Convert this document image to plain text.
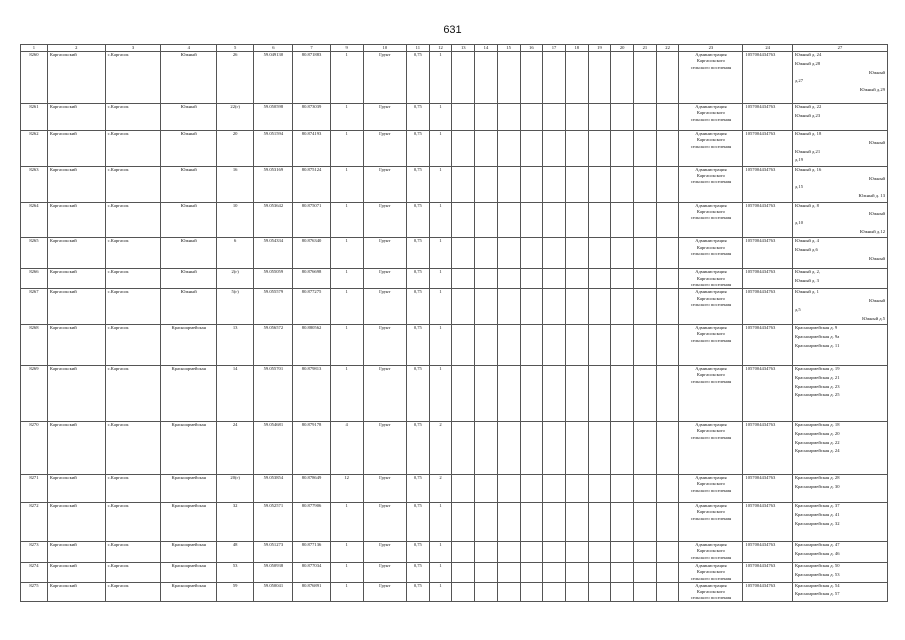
631
1	2	3	4	5	6	7	9	10	11	12	13	14	15	16	17	18	19	20	21	22	23	24	27
8260	Каргасокский	с.Каргасок	Южный	26	59.049130	80.871883	1	Грунт	0,75	1											Администрация
Каргасокского
сельского поселения	1057004434763	Южный д. 24
Южный д.28
Южный
д.27
Южный д.29

8261	Каргасокский	с.Каргасок	Южный	22(г)	59.050598	80.873039	1	Грунт	0,75	1											Администрация
Каргасокского
сельского поселения	1057004434763	Южный д. 22
Южный д.23

8262	Каргасокский	с.Каргасок	Южный	20	59.051594	80.874193	1	Грунт	0,75	1											Администрация
Каргасокского
сельского поселения	1057004434763	Южный д. 18
Южный
Южный д.21
д.19

8263	Каргасокский	с.Каргасок	Южный	16	59.053169	80.875124	1	Грунт	0,75	1											Администрация
Каргасокского
сельского поселения	1057004434763	Южный д. 16
Южный
д.15
Южный д. 13

8264	Каргасокский	с.Каргасок	Южный	10	59.053642	80.875071	1	Грунт	0,75	1											Администрация
Каргасокского
сельского поселения	1057004434763	Южный д. 8
Южный
д.10
Южный д.12

8265	Каргасокский	с.Каргасок	Южный	6	59.054334	80.876340	1	Грунт	0,75	1											Администрация
Каргасокского
сельского поселения	1057004434763	Южный д. 4
Южный д.6
Южный

8266	Каргасокский	с.Каргасок	Южный	2(г)	59.055059	80.876698	1	Грунт	0,75	1											Администрация
Каргасокского
сельского поселения	1057004434763	Южный д. 2,
Южный д. 3

8267	Каргасокский	с.Каргасок	Южный	5(г)	59.055579	80.877275	1	Грунт	0,75	1											Администрация
Каргасокского
сельского поселения	1057004434763	Южный д. 1
Южный
д.5
Южный д.5

8268	Каргасокский	с.Каргасок	Красноармейская	13	59.056572	80.880562	1	Грунт	0,75	1											Администрация
Каргасокского
сельского поселения	1057004434763	Красноармейская д. 9
Красноармейская д. 9а
Красноармейская д. 11

8269	Каргасокский	с.Каргасок	Красноармейская	14	59.055701	80.879813	1	Грунт	0,75	1											Администрация
Каргасокского
сельского поселения	1057004434763	Красноармейская д. 19
Красноармейская д. 21
Красноармейская д. 23
Красноармейская д. 25

8270	Каргасокский	с.Каргасок	Красноармейская	24	59.054681	80.879178	4	Грунт	0,75	2											Администрация
Каргасокского
сельского поселения	1057004434763	Красноармейская д. 18
Красноармейская д. 20
Красноармейская д. 22
Красноармейская д. 24

8271	Каргасокский	с.Каргасок	Красноармейская	20(г)	59.053854	80.878649	12	Грунт	0,75	2											Администрация
Каргасокского
сельского поселения	1057004434763	Красноармейская д. 28
Красноармейская д. 30

8272	Каргасокский	с.Каргасок	Красноармейская	32	59.052571	80.877906	1	Грунт	0,75	1											Администрация
Каргасокского
сельского поселения	1057004434763	Красноармейская д. 37
Красноармейская д. 41
Красноармейская д. 32

8273	Каргасокский	с.Каргасок	Красноармейская	48	59.051273	80.877136	1	Грунт	0,75	1											Администрация
Каргасокского
сельского поселения	1057004434763	Красноармейская д. 47
Красноармейская д. 46

8274	Каргасокский	с.Каргасок	Красноармейская	53	59.050938	80.877034	1	Грунт	0,75	1											Администрация
Каргасокского
сельского поселения	1057004434763	Красноармейская д. 50
Красноармейская д. 53

8275	Каргасокский	с.Каргасок	Красноармейская	59	59.050041	80.876891	1	Грунт	0,75	1											Администрация
Каргасокского
сельского поселения	1057004434763	Красноармейская д. 54
Красноармейская д. 57
